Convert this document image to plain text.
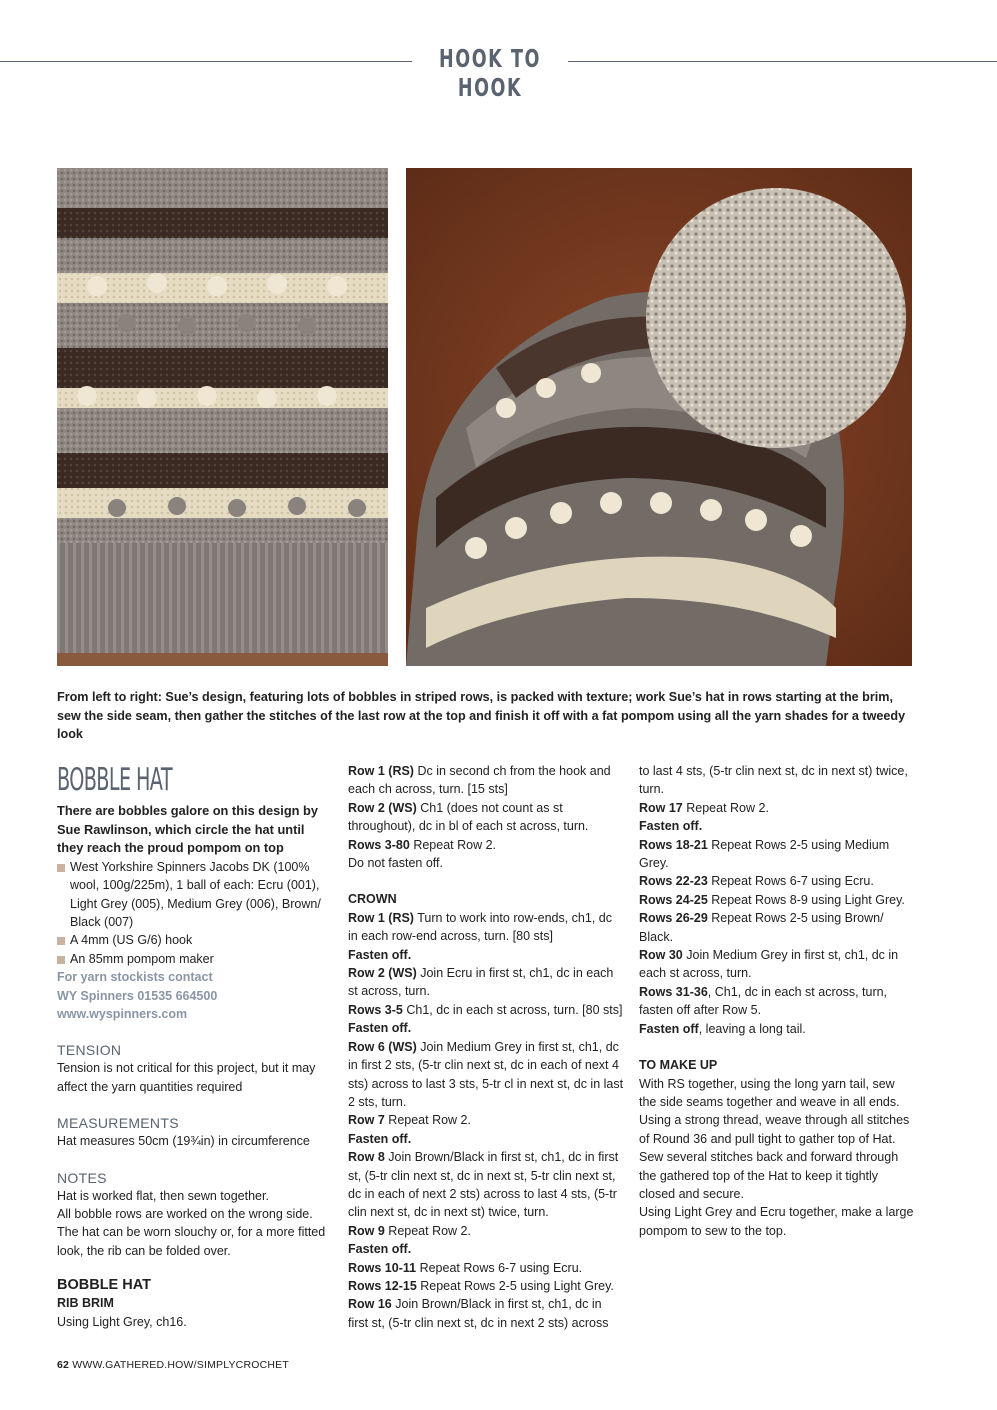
HOOK TO HOOK
From left to right: Sue’s design, featuring lots of bobbles in striped rows, is packed with texture; work Sue’s hat in rows starting at the brim, sew the side seam, then gather the stitches of the last row at the top and finish it off with a fat pompom using all the yarn shades for a tweedy look
BOBBLE HAT

There are bobbles galore on this design by Sue Rawlinson, which circle the hat until they reach the proud pompom on top

West Yorkshire Spinners Jacobs DK (100% wool, 100g/225m), 1 ball of each: Ecru (001), Light Grey (005), Medium Grey (006), Brown/ Black (007)
A 4mm (US G/6) hook
An 85mm pompom maker

For yarn stockists contact

WY Spinners 01535 664500

www.wyspinners.com

TENSION

Tension is not critical for this project, but it may affect the yarn quantities required

MEASUREMENTS

Hat measures 50cm (19¾in) in circumference

NOTES

Hat is worked flat, then sewn together.

All bobble rows are worked on the wrong side.

The hat can be worn slouchy or, for a more fitted look, the rib can be folded over.

BOBBLE HAT
RIB BRIM

Using Light Grey, ch16.

Row 1 (RS) Dc in second ch from the hook and each ch across, turn. [15 sts]

Row 2 (WS) Ch1 (does not count as st throughout), dc in bl of each st across, turn.

Rows 3-80 Repeat Row 2.

Do not fasten off.

CROWN

Row 1 (RS) Turn to work into row-ends, ch1, dc in each row-end across, turn. [80 sts]

Fasten off.

Row 2 (WS) Join Ecru in first st, ch1, dc in each st across, turn.

Rows 3-5 Ch1, dc in each st across, turn. [80 sts]

Fasten off.

Row 6 (WS) Join Medium Grey in first st, ch1, dc in first 2 sts, (5-tr clin next st, dc in each of next 4 sts) across to last 3 sts, 5-tr cl in next st, dc in last 2 sts, turn.

Row 7 Repeat Row 2.

Fasten off.

Row 8 Join Brown/Black in first st, ch1, dc in first st, (5-tr clin next st, dc in next st, 5-tr clin next st, dc in each of next 2 sts) across to last 4 sts, (5-tr clin next st, dc in next st) twice, turn.

Row 9 Repeat Row 2.

Fasten off.

Rows 10-11 Repeat Rows 6-7 using Ecru.

Rows 12-15 Repeat Rows 2-5 using Light Grey.

Row 16 Join Brown/Black in first st, ch1, dc in first st, (5-tr clin next st, dc in next 2 sts) across

to last 4 sts, (5-tr clin next st, dc in next st) twice, turn.

Row 17 Repeat Row 2.

Fasten off.

Rows 18-21 Repeat Rows 2-5 using Medium Grey.

Rows 22-23 Repeat Rows 6-7 using Ecru.

Rows 24-25 Repeat Rows 8-9 using Light Grey.

Rows 26-29 Repeat Rows 2-5 using Brown/ Black.

Row 30 Join Medium Grey in first st, ch1, dc in each st across, turn.

Rows 31-36, Ch1, dc in each st across, turn, fasten off after Row 5.

Fasten off, leaving a long tail.

TO MAKE UP

With RS together, using the long yarn tail, sew the side seams together and weave in all ends. Using a strong thread, weave through all stitches of Round 36 and pull tight to gather top of Hat. Sew several stitches back and forward through the gathered top of the Hat to keep it tightly closed and secure.

Using Light Grey and Ecru together, make a large pompom to sew to the top.

62 WWW.GATHERED.HOW/SIMPLYCROCHET
